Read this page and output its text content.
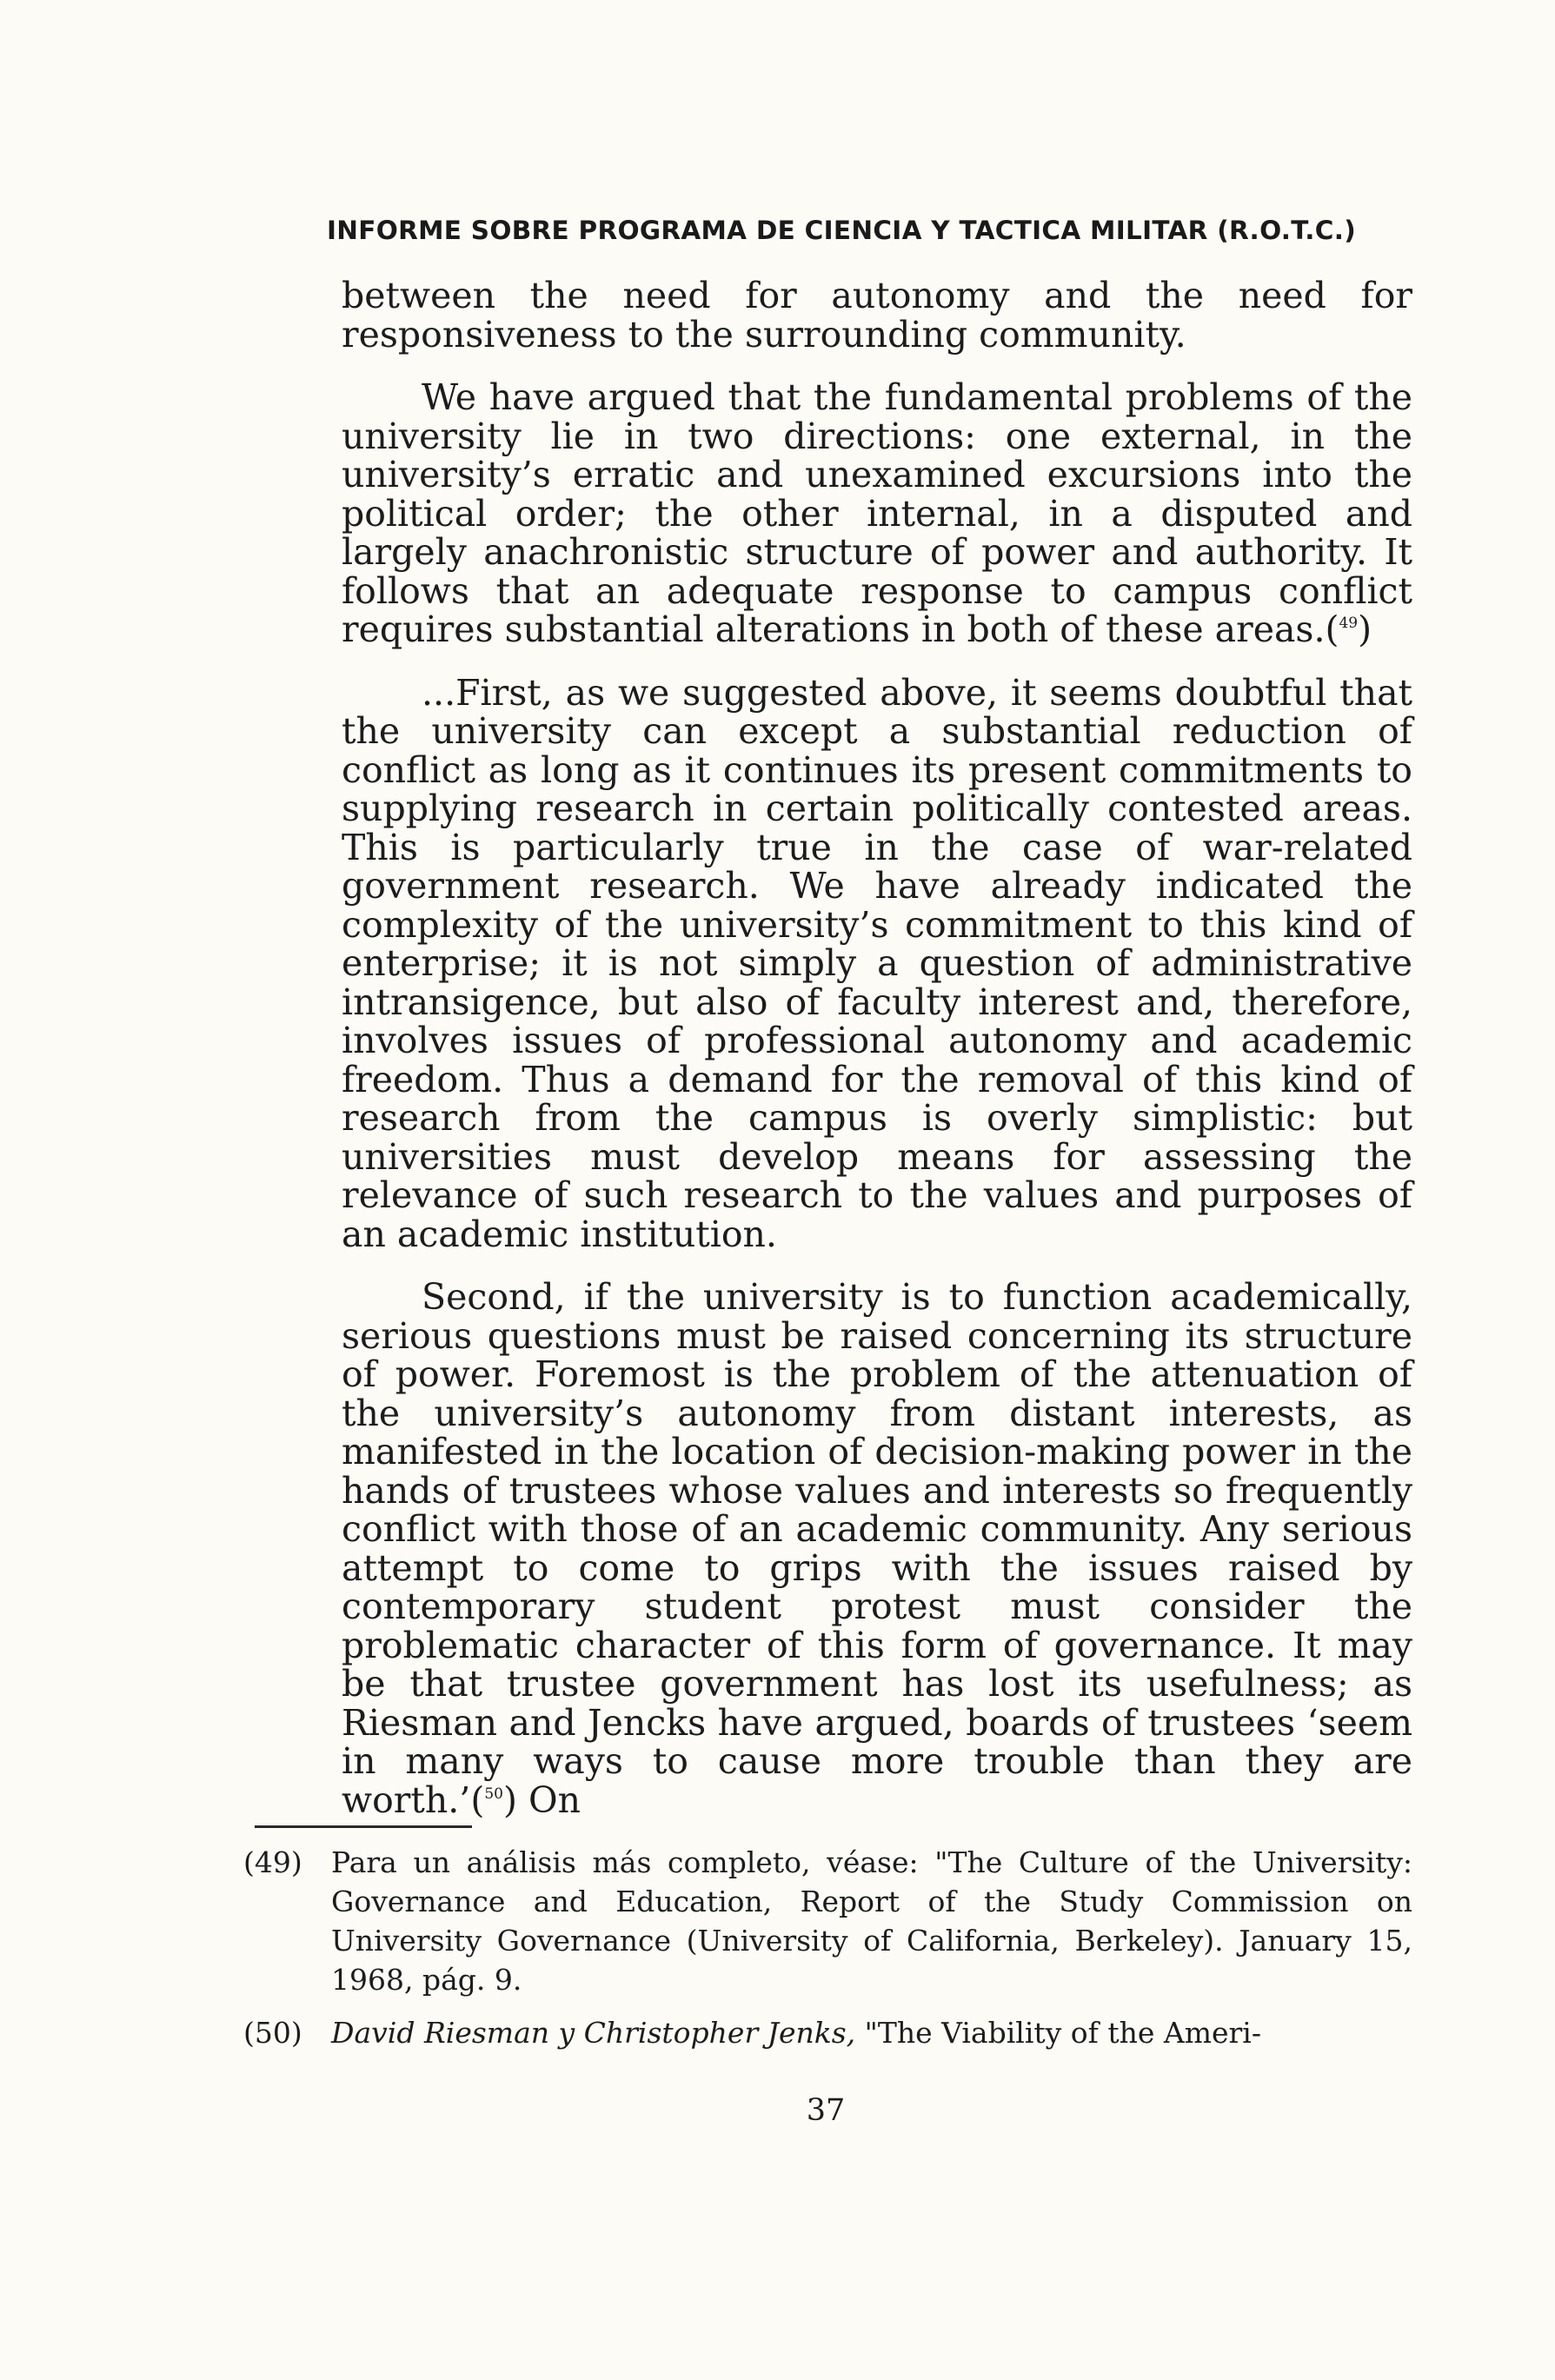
INFORME SOBRE PROGRAMA DE CIENCIA Y TACTICA MILITAR (R.O.T.C.)

between the need for autonomy and the need for responsiveness to the surrounding community.

We have argued that the fundamental problems of the university lie in two directions: one external, in the university’s erratic and unexamined excursions into the political order; the other internal, in a disputed and largely anachronistic structure of power and authority. It follows that an adequate response to campus conflict requires substantial alterations in both of these areas.($^{49}$)

...First, as we suggested above, it seems doubtful that the university can except a substantial reduction of conflict as long as it continues its present commitments to supplying research in certain politically contested areas. This is particularly true in the case of war-related government research. We have already indicated the complexity of the university’s commitment to this kind of enterprise; it is not simply a question of administrative intransigence, but also of faculty interest and, therefore, involves issues of professional autonomy and academic freedom. Thus a demand for the removal of this kind of research from the campus is overly simplistic: but universities must develop means for assessing the relevance of such research to the values and purposes of an academic institution.

Second, if the university is to function academically, serious questions must be raised concerning its structure of power. Foremost is the problem of the attenuation of the university’s autonomy from distant interests, as manifested in the location of decision-making power in the hands of trustees whose values and interests so frequently conflict with those of an academic community. Any serious attempt to come to grips with the issues raised by contemporary student protest must consider the problematic character of this form of governance. It may be that trustee government has lost its usefulness; as Riesman and Jencks have argued, boards of trustees ‘seem in many ways to cause more trouble than they are worth.’($^{50}$) On

(49)	Para un análisis más completo, véase: "The Culture of the University: Governance and Education, Report of the Study Commission on University Governance (University of California, Berkeley). January 15, 1968, pág. 9.
(50)	David Riesman y Christopher Jenks, "The Viability of the Ameri-
37
